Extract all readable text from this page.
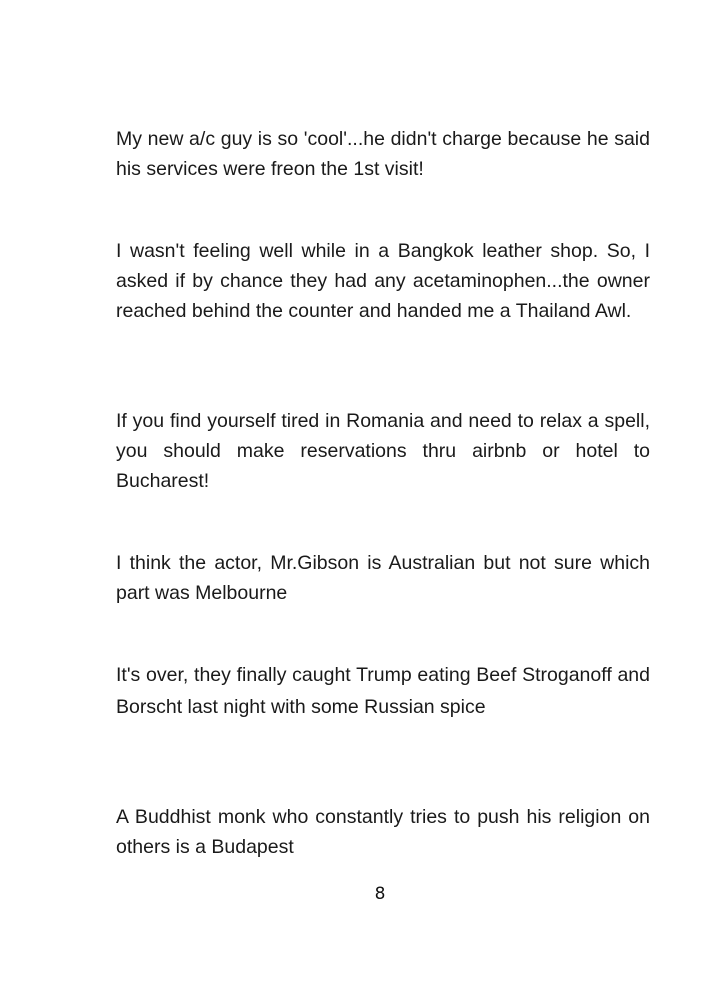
My new a/c guy is so 'cool'...he didn't charge because he said his services were freon the 1st visit!

I wasn't feeling well while in a Bangkok leather shop. So, I asked if by chance they had any acetaminophen...the owner reached behind the counter and handed me a Thailand Awl.

If you find yourself tired in Romania and need to relax a spell, you should make reservations thru airbnb or hotel to Bucharest!

I think the actor, Mr.Gibson is Australian but not sure which part was Melbourne

It's over, they finally caught Trump eating Beef Stroganoff and Borscht last night with some Russian spice

A Buddhist monk who constantly tries to push his religion on others is a Budapest

8
